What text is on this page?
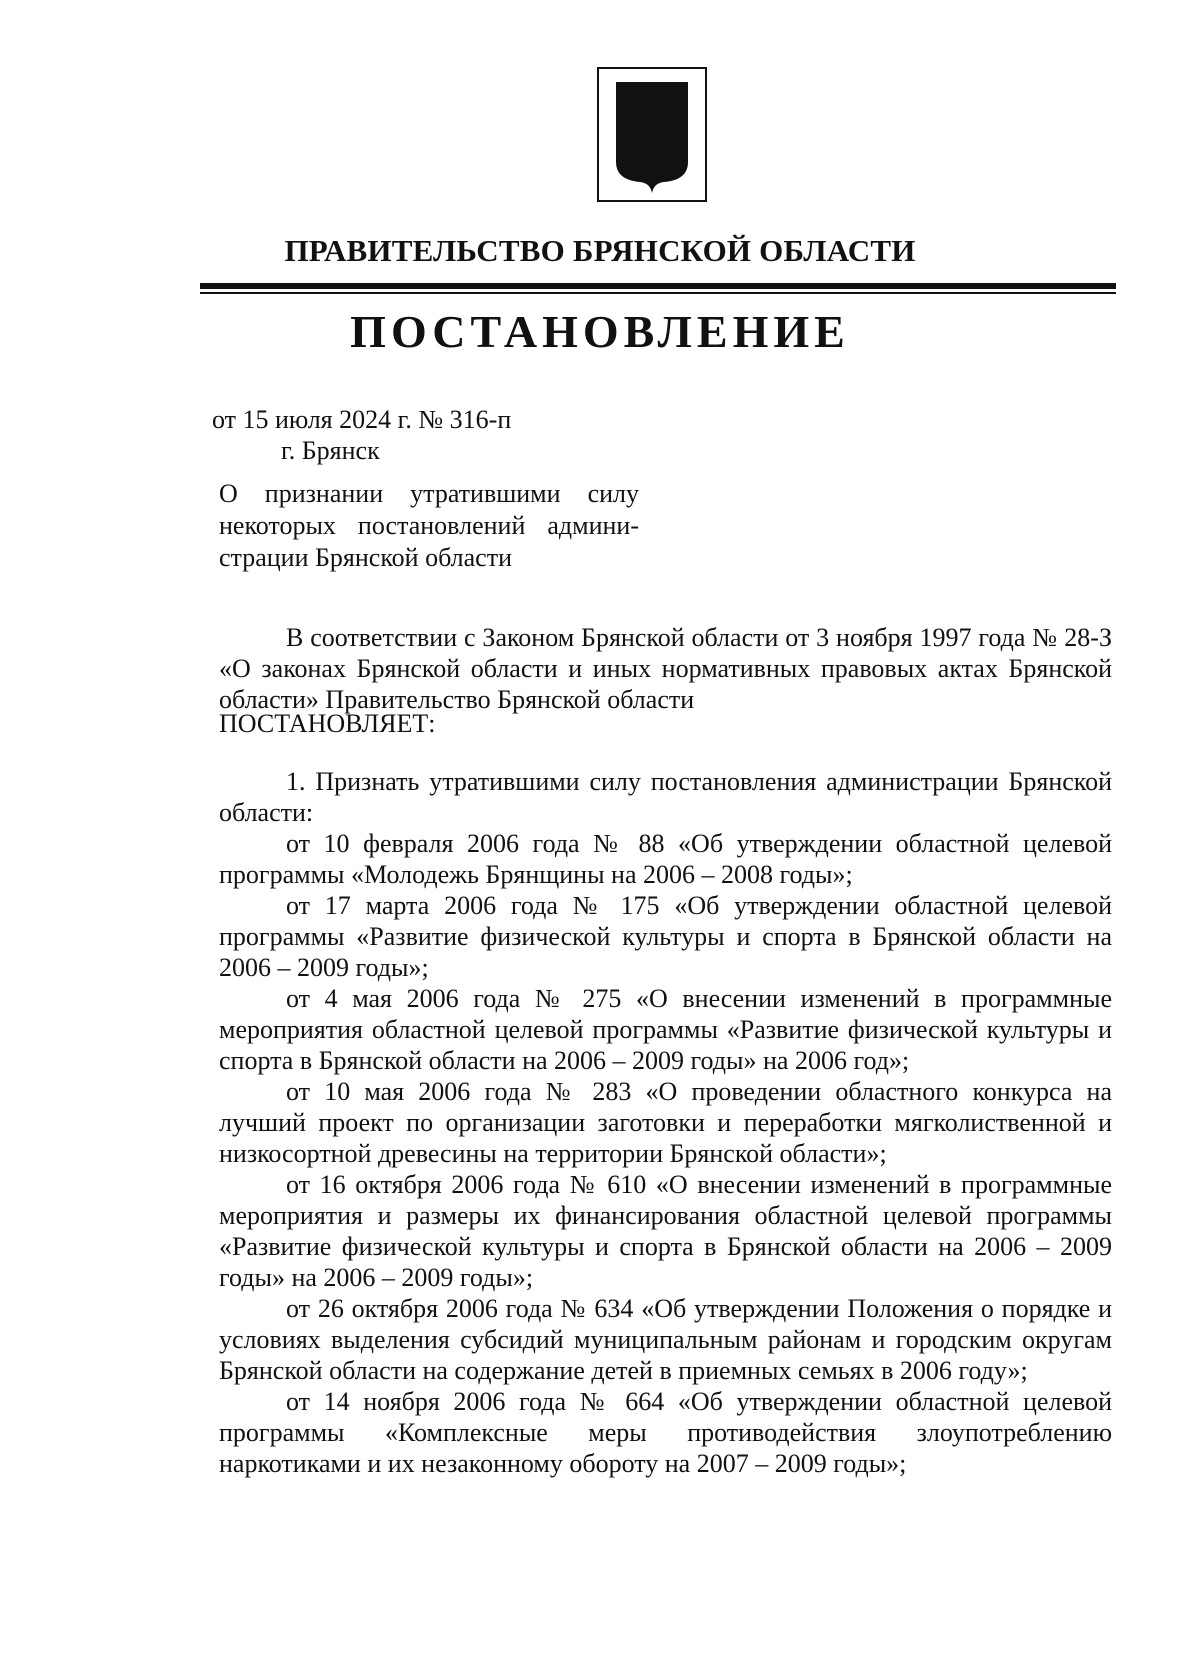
ПРАВИТЕЛЬСТВО БРЯНСКОЙ ОБЛАСТИ
ПОСТАНОВЛЕНИЕ
от 15 июля 2024 г. № 316-п
г. Брянск
О признании утратившими силу
некоторых постановлений админи-
страции Брянской области

В соответствии с Законом Брянской области от 3 ноября 1997 года № 28-З «О законах Брянской области и иных нормативных правовых актах Брянской области» Правительство Брянской области

ПОСТАНОВЛЯЕТ:

1. Признать утратившими силу постановления администрации Брянской области:

от 10 февраля 2006 года № 88 «Об утверждении областной целевой программы «Молодежь Брянщины на 2006 – 2008 годы»;

от 17 марта 2006 года № 175 «Об утверждении областной целевой программы «Развитие физической культуры и спорта в Брянской области на 2006 – 2009 годы»;

от 4 мая 2006 года № 275 «О внесении изменений в программные мероприятия областной целевой программы «Развитие физической культуры и спорта в Брянской области на 2006 – 2009 годы» на 2006 год»;

от 10 мая 2006 года № 283 «О проведении областного конкурса на лучший проект по организации заготовки и переработки мягколиственной и низкосортной древесины на территории Брянской области»;

от 16 октября 2006 года № 610 «О внесении изменений в программные мероприятия и размеры их финансирования областной целевой программы «Развитие физической культуры и спорта в Брянской области на 2006 – 2009 годы» на 2006 – 2009 годы»;

от 26 октября 2006 года № 634 «Об утверждении Положения о порядке и условиях выделения субсидий муниципальным районам и городским округам Брянской области на содержание детей в приемных семьях в 2006 году»;

от 14 ноября 2006 года № 664 «Об утверждении областной целевой программы «Комплексные меры противодействия злоупотреблению наркотиками и их незаконному обороту на 2007 – 2009 годы»;
